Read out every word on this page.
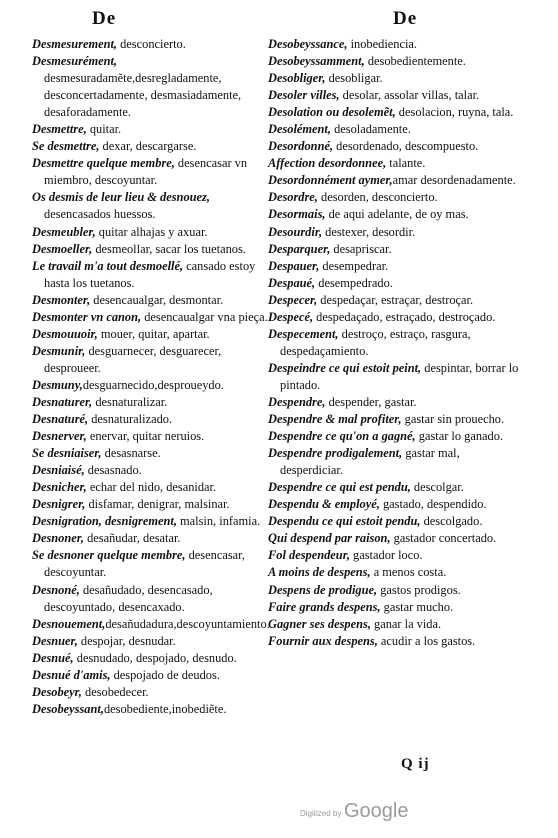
De	De

Desmesurement, desconcierto.

Desmesurément, desmesuradamẽte,desregladamente, desconcertadamente, desmasiadamente, desaforadamente.

Desmettre, quitar.

Se desmettre, dexar, descargarse.

Desmettre quelque membre, desencasar vn miembro, descoyuntar.

Os desmis de leur lieu & desnouez, desencasados huessos.

Desmeubler, quitar alhajas y axuar.

Desmoeller, desmeollar, sacar los tuetanos.

Le travail m'a tout desmoellé, cansado estoy hasta los tuetanos.

Desmonter, desencaualgar, desmontar.

Desmonter vn canon, desencaualgar vna pieça.

Desmouuoir, mouer, quitar, apartar.

Desmunir, desguarnecer, desguarecer, desproueer.

Desmuny,desguarnecido,desproueydo.

Desnaturer, desnaturalizar.

Desnaturé, desnaturalizado.

Desnerver, enervar, quitar neruios.

Se desniaiser, desasnarse.

Desniaisé, desasnado.

Desnicher, echar del nido, desanidar.

Desnigrer, disfamar, denigrar, malsinar.

Desnigration, desnigrement, malsin, infamia.

Desnoner, desañudar, desatar.

Se desnoner quelque membre, desencasar, descoyuntar.

Desnoné, desañudado, desencasado, descoyuntado, desencaxado.

Desnouement,desañudadura,descoyuntamiento.

Desnuer, despojar, desnudar.

Desnué, desnudado, despojado, desnudo.

Desnué d'amis, despojado de deudos.

Desobeyr, desobedecer.

Desobeyssant,desobediente,inobediẽte.

Desobeyssance, inobediencia.

Desobeyssamment, desobedientemente.

Desobliger, desobligar.

Desoler villes, desolar, assolar villas, talar.

Desolation ou desolemẽt, desolacion, ruyna, tala.

Desolément, desoladamente.

Desordonné, desordenado, descompuesto.

Affection desordonnee, talante.

Desordonnément aymer,amar desordenadamente.

Desordre, desorden, desconcierto.

Desormais, de aqui adelante, de oy mas.

Desourdir, destexer, desordir.

Desparquer, desapriscar.

Despauer, desempedrar.

Despaué, desempedrado.

Despecer, despedaçar, estraçar, destroçar.

Despecé, despedaçado, estraçado, destroçado.

Despecement, destroço, estraço, rasgura, despedaçamiento.

Despeindre ce qui estoit peint, despintar, borrar lo pintado.

Despendre, despender, gastar.

Despendre & mal profiter, gastar sin prouecho.

Despendre ce qu'on a gagné, gastar lo ganado.

Despendre prodigalement, gastar mal, desperdiciar.

Despendre ce qui est pendu, descolgar.

Despendu & employé, gastado, despendido.

Despendu ce qui estoit pendu, descolgado.

Qui despend par raison, gastador concertado.

Fol despendeur, gastador loco.

A moins de despens, a menos costa.

Despens de prodigue, gastos prodigos.

Faire grands despens, gastar mucho.

Gagner ses despens, ganar la vida.

Fournir aux despens, acudir a los gastos.

Q ij
Digitized by Google
